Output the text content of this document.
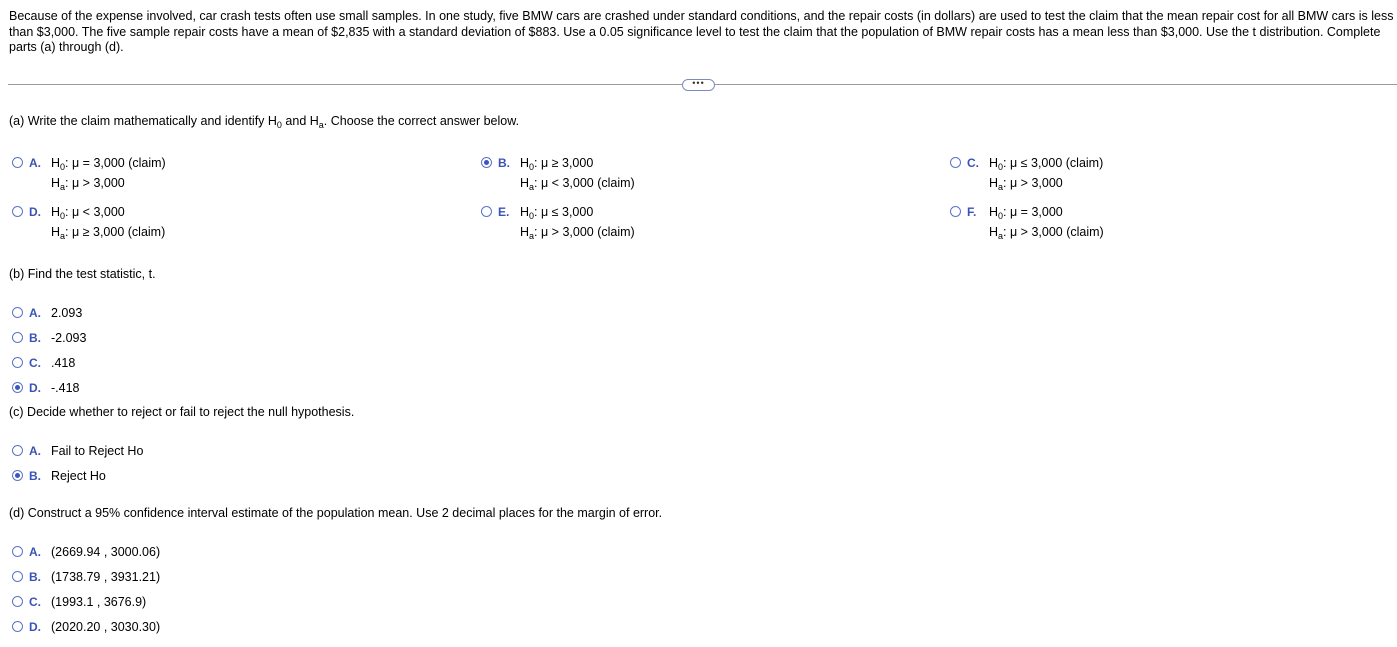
Because of the expense involved, car crash tests often use small samples. In one study, five BMW cars are crashed under standard conditions, and the repair costs (in dollars) are used to test the claim that the mean repair cost for all BMW cars is less than $3,000. The five sample repair costs have a mean of $2,835 with a standard deviation of $883. Use a 0.05 significance level to test the claim that the population of BMW repair costs has a mean less than $3,000. Use the t distribution. Complete parts (a) through (d).
•••
(a) Write the claim mathematically and identify $H_0$ and $H_a$. Choose the correct answer below.
A. $H_0$: μ = 3,000 (claim)
$H_a$: μ > 3,000
B. $H_0$: μ ≥ 3,000
$H_a$: μ < 3,000 (claim)
C. $H_0$: μ ≤ 3,000 (claim)
$H_a$: μ > 3,000
D. $H_0$: μ < 3,000
$H_a$: μ ≥ 3,000 (claim)
E. $H_0$: μ ≤ 3,000
$H_a$: μ > 3,000 (claim)
F.	$H_0$: μ = 3,000
$H_a$: μ > 3,000 (claim)
(b) Find the test statistic, t.
(c) Decide whether to reject or fail to reject the null hypothesis.
(d) Construct a 95% confidence interval estimate of the population mean. Use 2 decimal places for the margin of error.
A. 2.093
B. -2.093
C. .418
D. -.418
A. Fail to Reject Ho
B. Reject Ho
A. (2669.94 , 3000.06)
B. (1738.79 , 3931.21)
C. (1993.1 , 3676.9)
D. (2020.20 , 3030.30)
